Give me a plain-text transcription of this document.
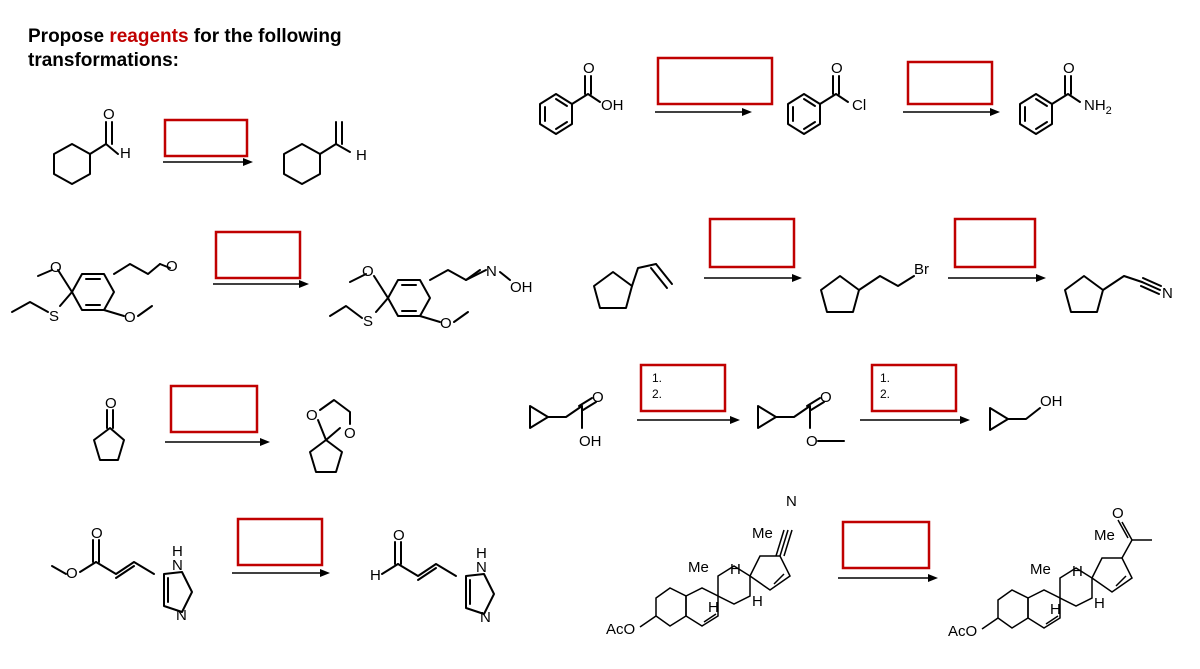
Propose reagents for the following
transformations:
O
H	H
O
OH
O
Cl
O
$NH_2$
O
S	O
O	O
S	O
N
OH
Br
N
O
O
O
O
OH
1.
2.	O
O
1.
2.	OH
O
O
N
H
N
H
O
N
H
N
N
Me
Me H
H H
AcO
O
Me
Me H
H H
AcO
